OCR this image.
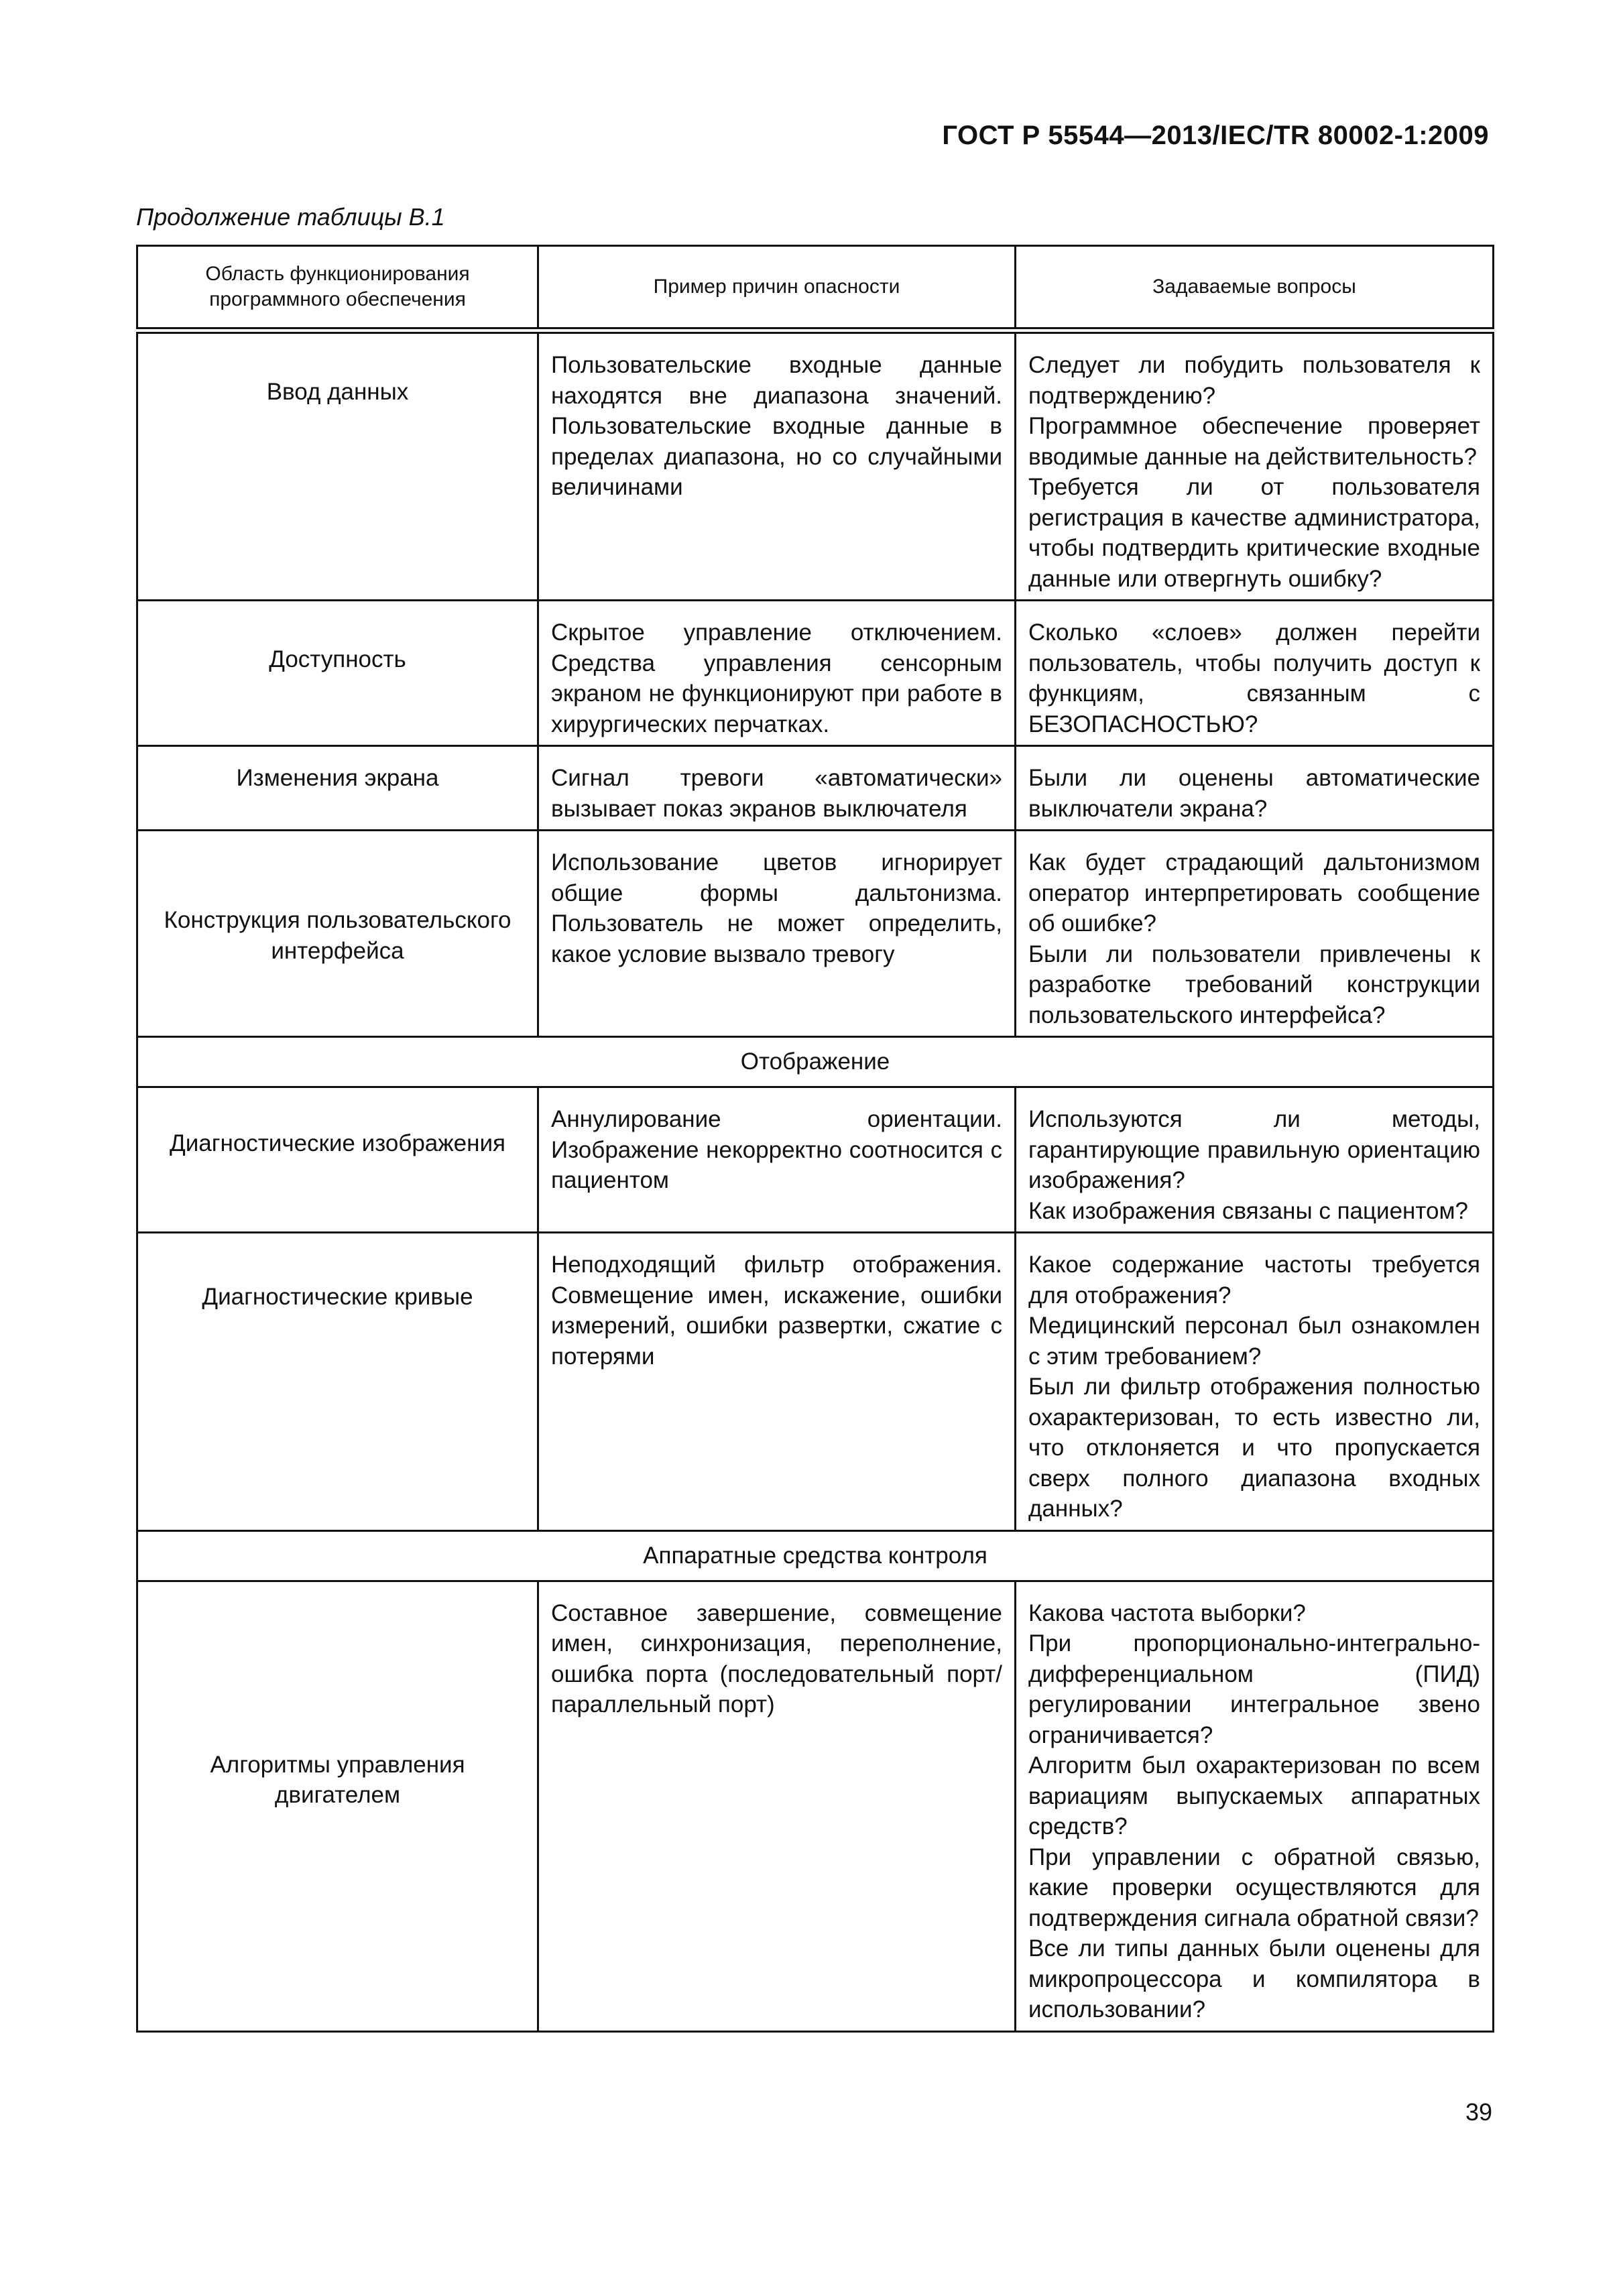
ГОСТ Р 55544—2013/IEC/TR 80002-1:2009
Продолжение таблицы В.1
Область функционирования программного обеспечения	Пример причин опасности	Задаваемые вопросы
Ввод данных	Пользовательские входные данные находятся вне диапазона значений. Пользовательские входные данные в пределах диапазона, но со случайными величинами	Следует ли побудить пользователя к подтверждению?
Программное обеспечение проверяет вводимые данные на действительность?
Требуется ли от пользователя регистрация в качестве администратора, чтобы подтвердить критические входные данные или отвергнуть ошибку?

Доступность	Скрытое управление отключением. Средства управления сенсорным экраном не функционируют при работе в хирургических перчатках.	Сколько «слоев» должен перейти пользователь, чтобы получить доступ к функциям, связанным с БЕЗОПАСНОСТЬЮ?

Изменения экрана	Сигнал тревоги «автоматически» вызывает показ экранов выключателя	Были ли оценены автоматические выключатели экрана?

Конструкция пользовательского интерфейса	Использование цветов игнорирует общие формы дальтонизма. Пользователь не может определить, какое условие вызвало тревогу	Как будет страдающий дальтонизмом оператор интерпретировать сообщение об ошибке?
Были ли пользователи привлечены к разработке требований конструкции пользовательского интерфейса?

Отображение		
Диагностические изображения	Аннулирование ориентации. Изображение некорректно соотносится с пациентом	Используются ли методы, гарантирующие правильную ориентацию изображения?
Как изображения связаны с пациентом?

Диагностические кривые	Неподходящий фильтр отображения. Совмещение имен, искажение, ошибки измерений, ошибки развертки, сжатие с потерями	Какое содержание частоты требуется для отображения?
Медицинский персонал был ознакомлен с этим требованием?
Был ли фильтр отображения полностью охарактеризован, то есть известно ли, что отклоняется и что пропускается сверх полного диапазона входных данных?

Аппаратные средства контроля		
Алгоритмы управления двигателем	Составное завершение, совмещение имен, синхронизация, переполнение, ошибка порта (последовательный порт/параллельный порт)	Какова частота выборки?
При пропорционально-интегрально-дифференциальном (ПИД) регулировании интегральное звено ограничивается?
Алгоритм был охарактеризован по всем вариациям выпускаемых аппаратных средств?
При управлении с обратной связью, какие проверки осуществляются для подтверждения сигнала обратной связи?
Все ли типы данных были оценены для микропроцессора и компилятора в использовании?
39
